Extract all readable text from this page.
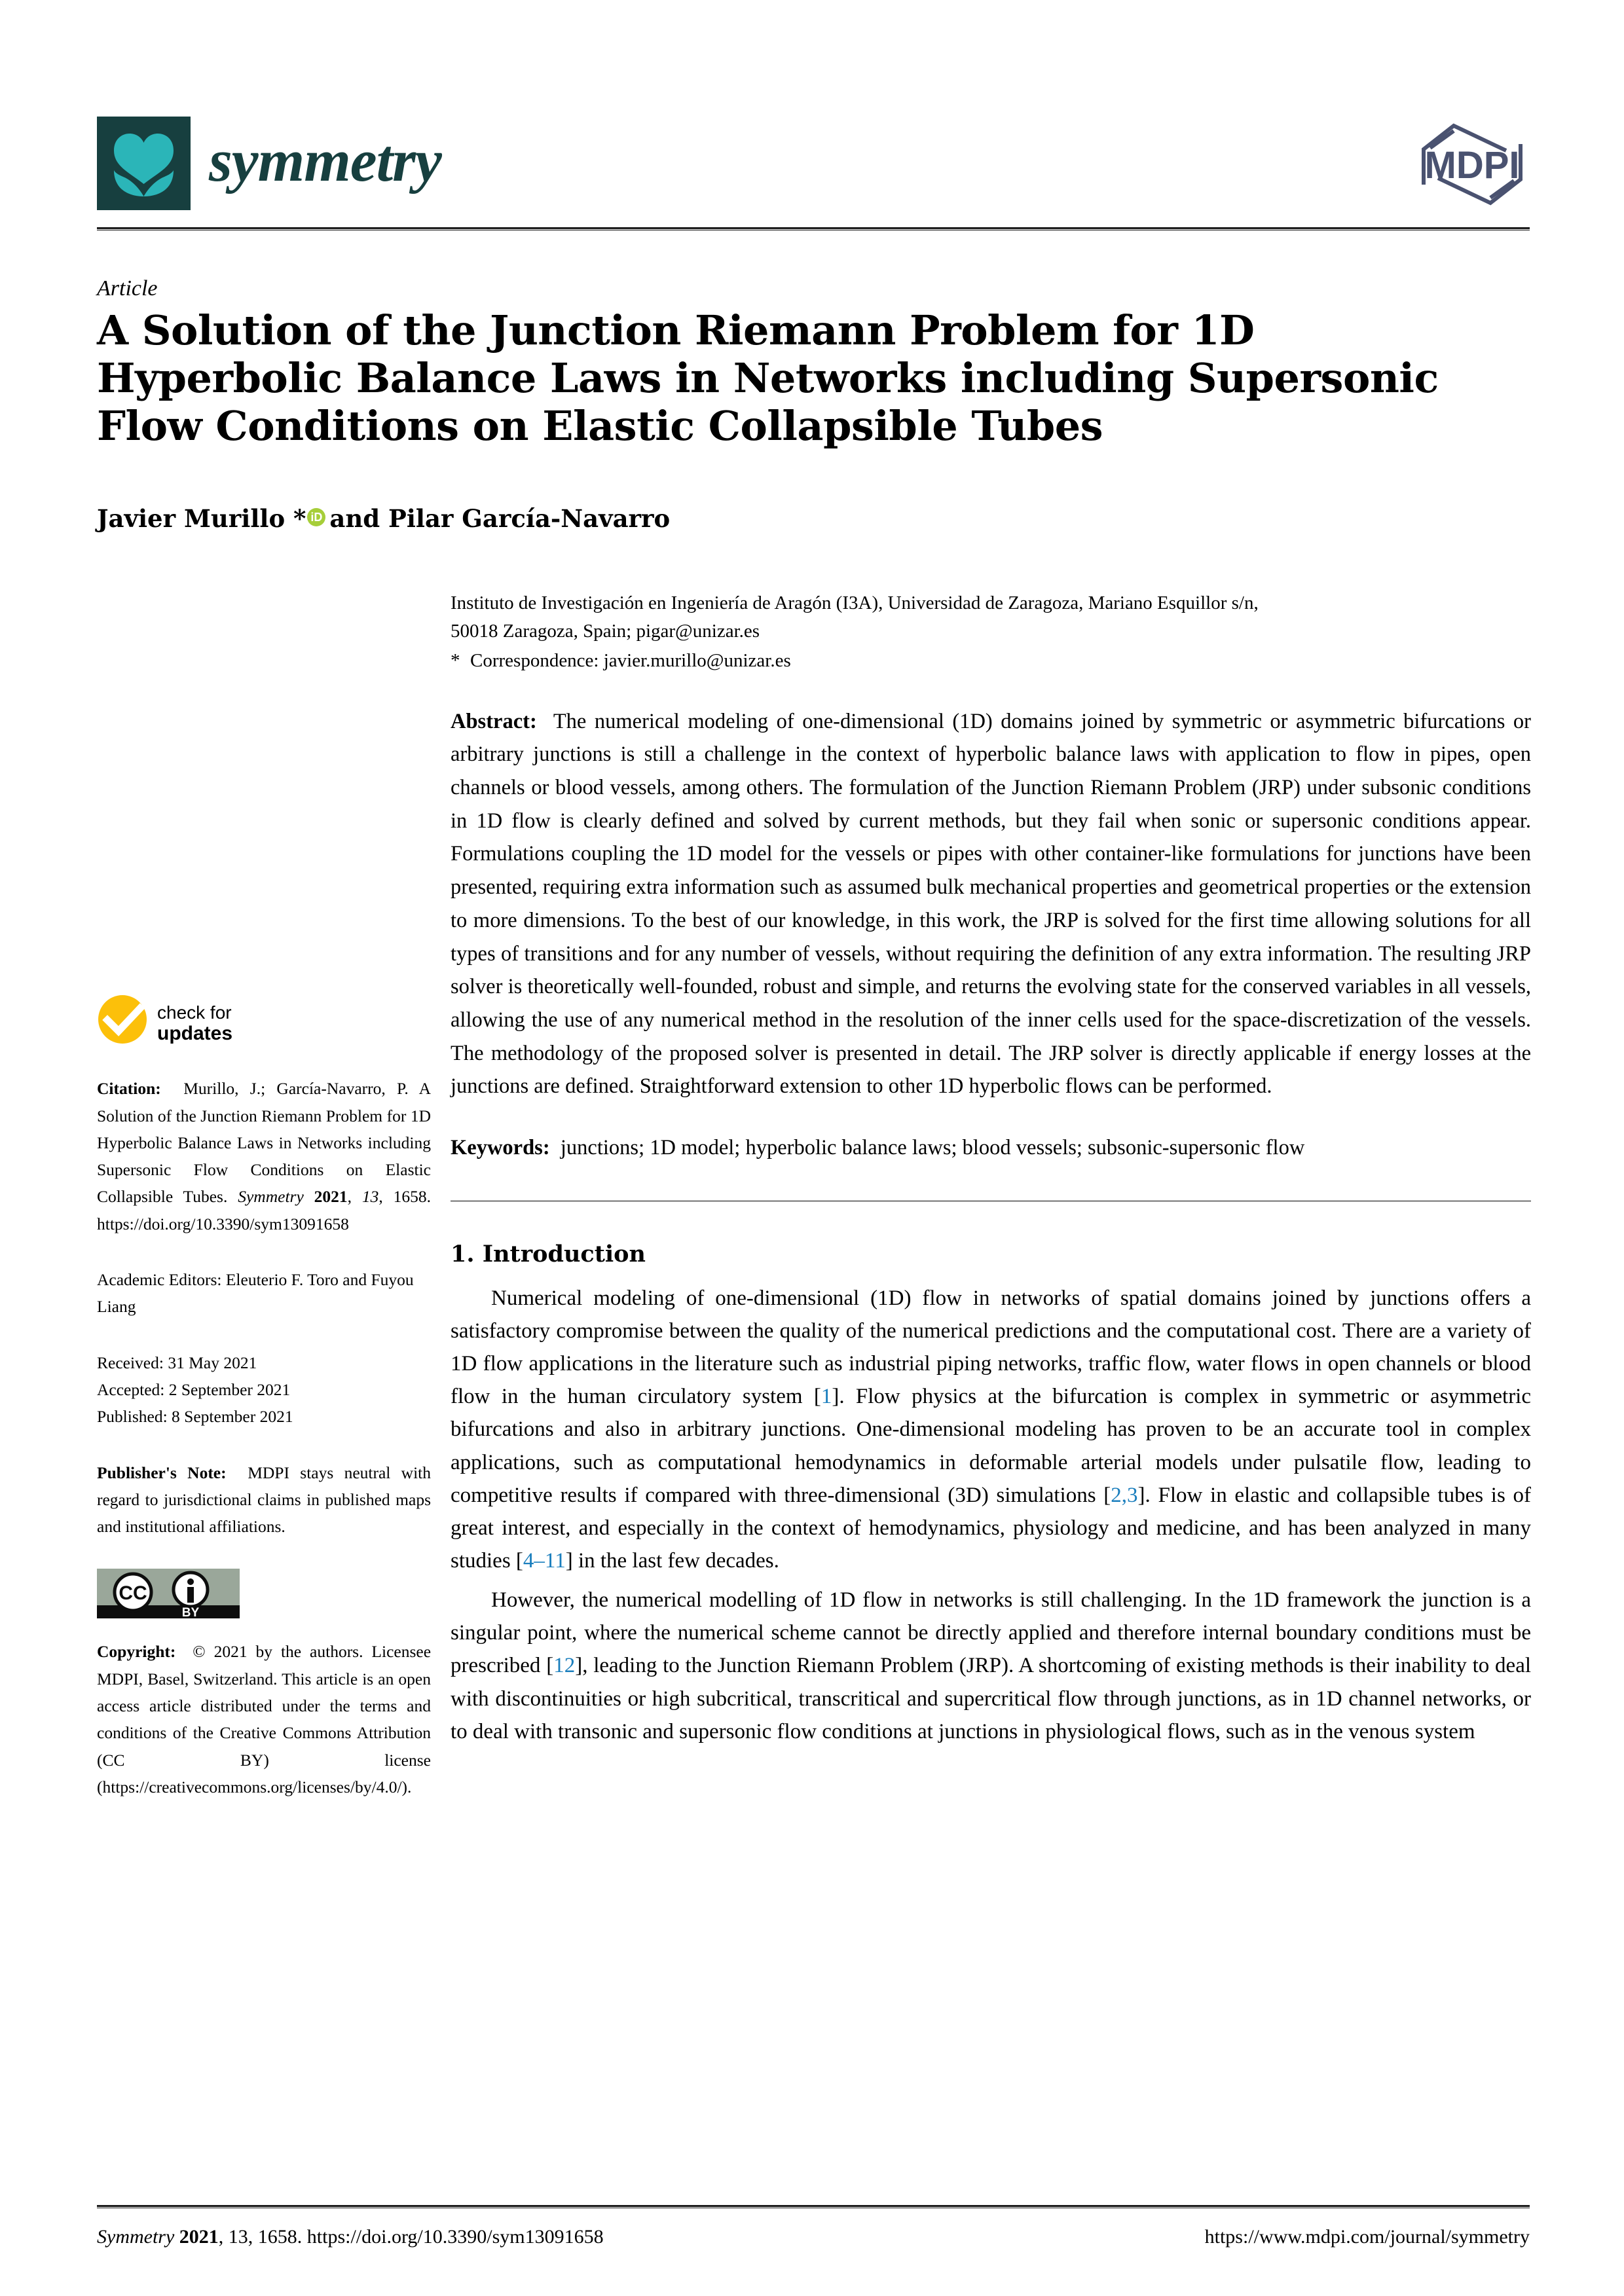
symmetry	MDPI
Article
A Solution of the Junction Riemann Problem for 1D Hyperbolic Balance Laws in Networks including Supersonic Flow Conditions on Elastic Collapsible Tubes
Javier Murillo * iD and Pilar García-Navarro
check for
updates
Citation: Murillo, J.; García-Navarro, P. A Solution of the Junction Riemann Problem for 1D Hyperbolic Balance Laws in Networks including Supersonic Flow Conditions on Elastic Collapsible Tubes. Symmetry 2021, 13, 1658. https://doi.org/10.3390/sym13091658
Academic Editors: Eleuterio F. Toro and Fuyou Liang
Received: 31 May 2021
Accepted: 2 September 2021
Published: 8 September 2021
Publisher's Note: MDPI stays neutral with regard to jurisdictional claims in published maps and institutional affiliations.
CC
BY
Copyright: © 2021 by the authors. Licensee MDPI, Basel, Switzerland. This article is an open access article distributed under the terms and conditions of the Creative Commons Attribution (CC BY) license (https://creativecommons.org/licenses/by/4.0/).
Instituto de Investigación en Ingeniería de Aragón (I3A), Universidad de Zaragoza, Mariano Esquillor s/n,
50018 Zaragoza, Spain; pigar@unizar.es
* Correspondence: javier.murillo@unizar.es
Abstract: The numerical modeling of one-dimensional (1D) domains joined by symmetric or asymmetric bifurcations or arbitrary junctions is still a challenge in the context of hyperbolic balance laws with application to flow in pipes, open channels or blood vessels, among others. The formulation of the Junction Riemann Problem (JRP) under subsonic conditions in 1D flow is clearly defined and solved by current methods, but they fail when sonic or supersonic conditions appear. Formulations coupling the 1D model for the vessels or pipes with other container-like formulations for junctions have been presented, requiring extra information such as assumed bulk mechanical properties and geometrical properties or the extension to more dimensions. To the best of our knowledge, in this work, the JRP is solved for the first time allowing solutions for all types of transitions and for any number of vessels, without requiring the definition of any extra information. The resulting JRP solver is theoretically well-founded, robust and simple, and returns the evolving state for the conserved variables in all vessels, allowing the use of any numerical method in the resolution of the inner cells used for the space-discretization of the vessels. The methodology of the proposed solver is presented in detail. The JRP solver is directly applicable if energy losses at the junctions are defined. Straightforward extension to other 1D hyperbolic flows can be performed.
Keywords: junctions; 1D model; hyperbolic balance laws; blood vessels; subsonic-supersonic flow
1. Introduction
Numerical modeling of one-dimensional (1D) flow in networks of spatial domains joined by junctions offers a satisfactory compromise between the quality of the numerical predictions and the computational cost. There are a variety of 1D flow applications in the literature such as industrial piping networks, traffic flow, water flows in open channels or blood flow in the human circulatory system [1]. Flow physics at the bifurcation is complex in symmetric or asymmetric bifurcations and also in arbitrary junctions. One-dimensional modeling has proven to be an accurate tool in complex applications, such as computational hemodynamics in deformable arterial models under pulsatile flow, leading to competitive results if compared with three-dimensional (3D) simulations [2,3]. Flow in elastic and collapsible tubes is of great interest, and especially in the context of hemodynamics, physiology and medicine, and has been analyzed in many studies [4–11] in the last few decades.
However, the numerical modelling of 1D flow in networks is still challenging. In the 1D framework the junction is a singular point, where the numerical scheme cannot be directly applied and therefore internal boundary conditions must be prescribed [12], leading to the Junction Riemann Problem (JRP). A shortcoming of existing methods is their inability to deal with discontinuities or high subcritical, transcritical and supercritical flow through junctions, as in 1D channel networks, or to deal with transonic and supersonic flow conditions at junctions in physiological flows, such as in the venous system
Symmetry 2021, 13, 1658. https://doi.org/10.3390/sym13091658	https://www.mdpi.com/journal/symmetry
